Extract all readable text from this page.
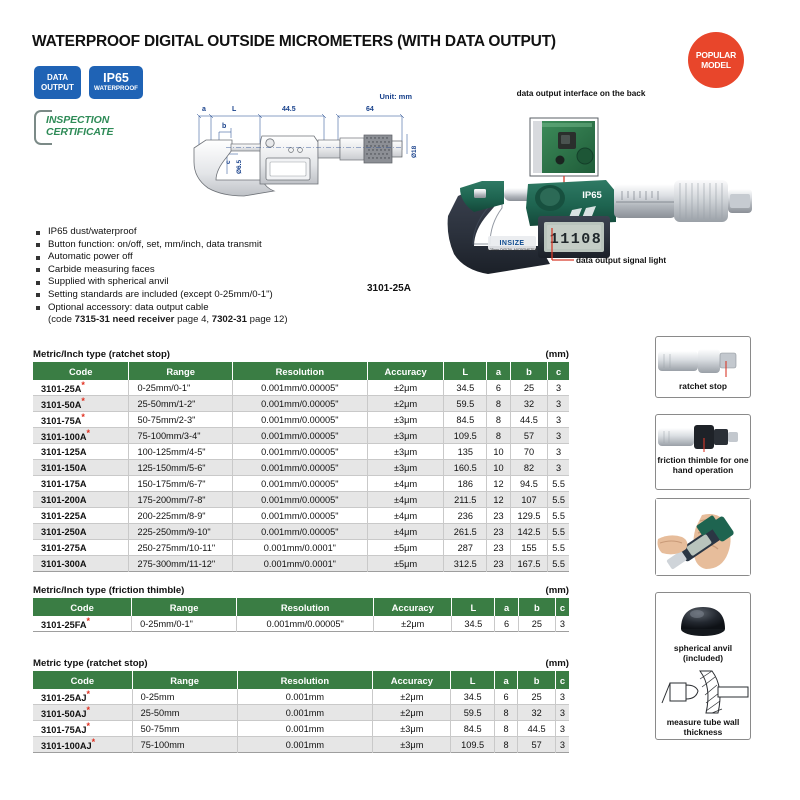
WATERPROOF DIGITAL OUTSIDE MICROMETERS (WITH DATA OUTPUT)
POPULAR
MODEL
DATA
OUTPUT
IP65
WATERPROOF
INSPECTION
CERTIFICATE
Unit: mm
a	L	44.5	64
b
c Ø6.5
Ø18
data output interface on the back
INSIZE
0-25mm DIGITAL MICROMETER
IP65
11108
data output signal light
3101-25A
IP65 dust/waterproof
Button function: on/off, set, mm/inch, data transmit
Automatic power off
Carbide measuring faces
Supplied with spherical anvil
Setting standards are included (except 0-25mm/0-1")
Optional accessory: data output cable
(code 7315-31 need receiver page 4, 7302-31 page 12)
Metric/Inch type (ratchet stop)	(mm)
Code	Range	Resolution	Accuracy	L	a	b	c
3101-25A*	0-25mm/0-1"	0.001mm/0.00005"	±2μm	34.5	6	25	3
3101-50A*	25-50mm/1-2"	0.001mm/0.00005"	±2μm	59.5	8	32	3
3101-75A*	50-75mm/2-3"	0.001mm/0.00005"	±3μm	84.5	8	44.5	3
3101-100A*	75-100mm/3-4"	0.001mm/0.00005"	±3μm	109.5	8	57	3
3101-125A	100-125mm/4-5"	0.001mm/0.00005"	±3μm	135	10	70	3
3101-150A	125-150mm/5-6"	0.001mm/0.00005"	±3μm	160.5	10	82	3
3101-175A	150-175mm/6-7"	0.001mm/0.00005"	±4μm	186	12	94.5	5.5
3101-200A	175-200mm/7-8"	0.001mm/0.00005"	±4μm	211.5	12	107	5.5
3101-225A	200-225mm/8-9"	0.001mm/0.00005"	±4μm	236	23	129.5	5.5
3101-250A	225-250mm/9-10"	0.001mm/0.00005"	±4μm	261.5	23	142.5	5.5
3101-275A	250-275mm/10-11"	0.001mm/0.0001"	±5μm	287	23	155	5.5
3101-300A	275-300mm/11-12"	0.001mm/0.0001"	±5μm	312.5	23	167.5	5.5
Metric/Inch type (friction thimble)	(mm)
Code	Range	Resolution	Accuracy	L	a	b	c
3101-25FA*	0-25mm/0-1"	0.001mm/0.00005"	±2μm	34.5	6	25	3
Metric type (ratchet stop)	(mm)
Code	Range	Resolution	Accuracy	L	a	b	c
3101-25AJ*	0-25mm	0.001mm	±2μm	34.5	6	25	3
3101-50AJ*	25-50mm	0.001mm	±2μm	59.5	8	32	3
3101-75AJ*	50-75mm	0.001mm	±3μm	84.5	8	44.5	3
3101-100AJ*	75-100mm	0.001mm	±3μm	109.5	8	57	3
ratchet stop
friction thimble for one hand operation
spherical anvil (included)
measure tube wall thickness
